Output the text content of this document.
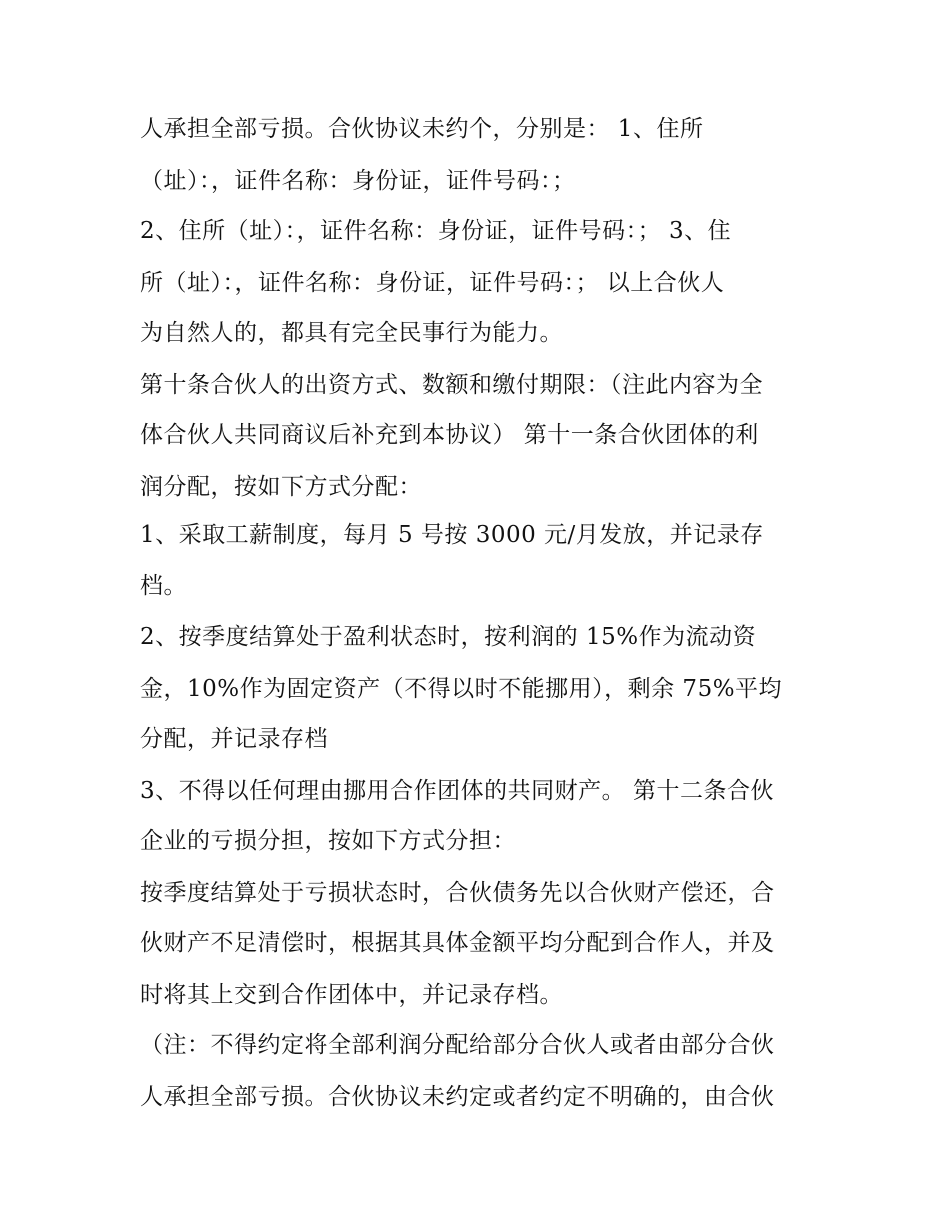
人承担全部亏损。合伙协议未约个，分别是： 1、住所
（址）：，证件名称：身份证，证件号码：；
2、住所（址）：，证件名称：身份证，证件号码：； 3、住
所（址）：，证件名称：身份证，证件号码：； 以上合伙人
为自然人的，都具有完全民事行为能力。
第十条合伙人的出资方式、数额和缴付期限：（注此内容为全
体合伙人共同商议后补充到本协议） 第十一条合伙团体的利
润分配，按如下方式分配：
1、采取工薪制度，每月 5 号按 3000 元/月发放，并记录存
档。
2、按季度结算处于盈利状态时，按利润的 15%作为流动资
金，10%作为固定资产（不得以时不能挪用），剩余 75%平均
分配，并记录存档
3、不得以任何理由挪用合作团体的共同财产。 第十二条合伙
企业的亏损分担，按如下方式分担：
按季度结算处于亏损状态时，合伙债务先以合伙财产偿还，合
伙财产不足清偿时，根据其具体金额平均分配到合作人，并及
时将其上交到合作团体中，并记录存档。
（注：不得约定将全部利润分配给部分合伙人或者由部分合伙
人承担全部亏损。合伙协议未约定或者约定不明确的，由合伙
